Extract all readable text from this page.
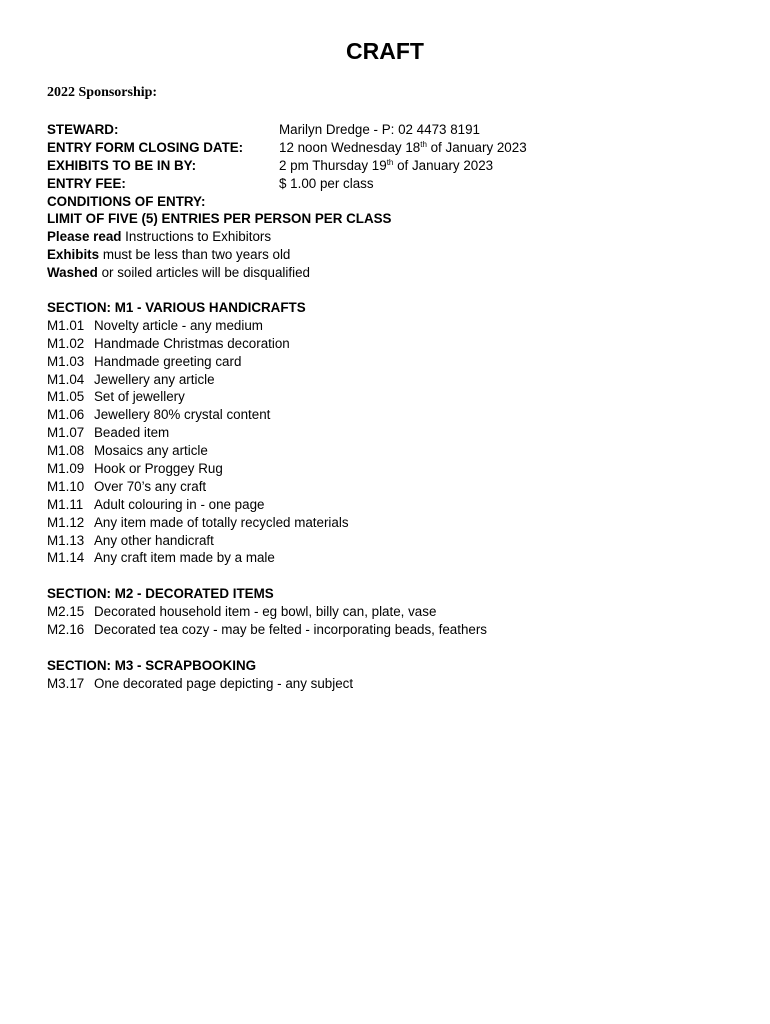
CRAFT
2022 Sponsorship:
STEWARD:	Marilyn Dredge - P: 02 4473 8191
ENTRY FORM CLOSING DATE:	12 noon Wednesday 18th of January 2023
EXHIBITS TO BE IN BY:	2 pm Thursday 19th of January 2023
ENTRY FEE:	$ 1.00 per class
CONDITIONS OF ENTRY:
LIMIT OF FIVE (5) ENTRIES PER PERSON PER CLASS
Please read Instructions to Exhibitors
Exhibits must be less than two years old
Washed or soiled articles will be disqualified
SECTION: M1 - VARIOUS HANDICRAFTS
M1.01 Novelty article - any medium
M1.02 Handmade Christmas decoration
M1.03 Handmade greeting card
M1.04 Jewellery any article
M1.05 Set of jewellery
M1.06 Jewellery 80% crystal content
M1.07 Beaded item
M1.08 Mosaics any article
M1.09 Hook or Proggey Rug
M1.10 Over 70’s any craft
M1.11 Adult colouring in - one page
M1.12 Any item made of totally recycled materials
M1.13 Any other handicraft
M1.14 Any craft item made by a male
SECTION: M2 - DECORATED ITEMS
M2.15 Decorated household item - eg bowl, billy can, plate, vase
M2.16 Decorated tea cozy - may be felted - incorporating beads, feathers
SECTION: M3 - SCRAPBOOKING
M3.17 One decorated page depicting - any subject
